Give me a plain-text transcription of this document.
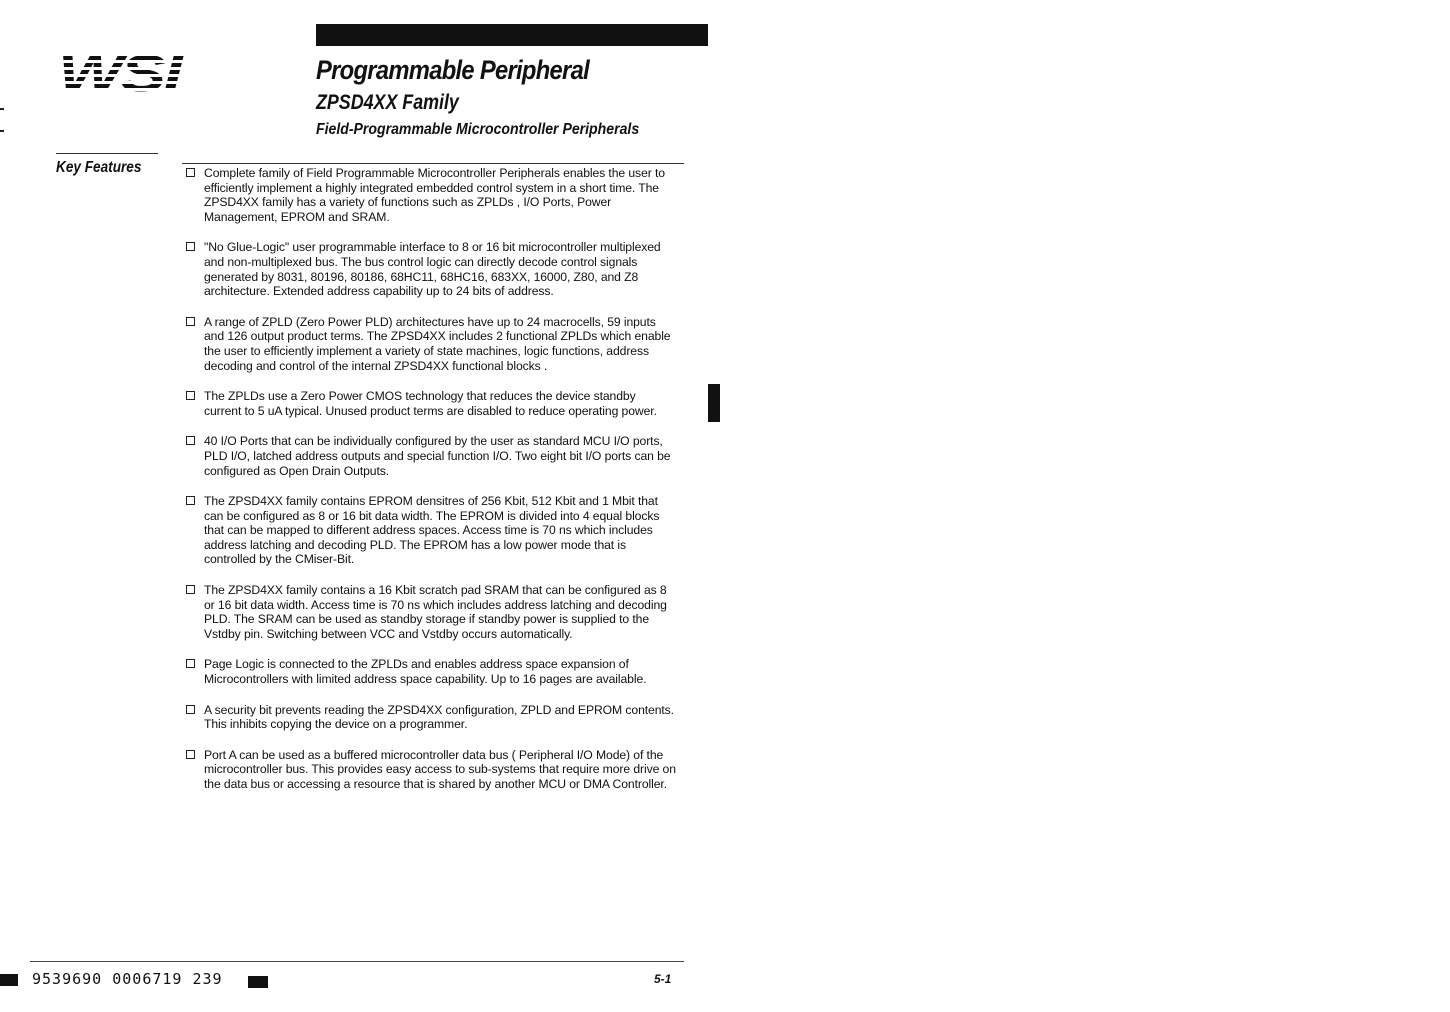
Programmable Peripheral
ZPSD4XX Family
Field-Programmable Microcontroller Peripherals
Key Features	Complete family of Field Programmable Microcontroller Peripherals enables the user to efficiently implement a highly integrated embedded control system in a short time. The ZPSD4XX family has a variety of functions such as ZPLDs , I/O Ports, Power Management, EPROM and SRAM.
"No Glue-Logic" user programmable interface to 8 or 16 bit microcontroller multiplexed and non-multiplexed bus. The bus control logic can directly decode control signals generated by 8031, 80196, 80186, 68HC11, 68HC16, 683XX, 16000, Z80, and Z8 architecture. Extended address capability up to 24 bits of address.
A range of ZPLD (Zero Power PLD) architectures have up to 24 macrocells, 59 inputs and 126 output product terms. The ZPSD4XX includes 2 functional ZPLDs which enable the user to efficiently implement a variety of state machines, logic functions, address decoding and control of the internal ZPSD4XX functional blocks .
The ZPLDs use a Zero Power CMOS technology that reduces the device standby current to 5 uA typical. Unused product terms are disabled to reduce operating power.
40 I/O Ports that can be individually configured by the user as standard MCU I/O ports, PLD I/O, latched address outputs and special function I/O. Two eight bit I/O ports can be configured as Open Drain Outputs.
The ZPSD4XX family contains EPROM densitres of 256 Kbit, 512 Kbit and 1 Mbit that can be configured as 8 or 16 bit data width. The EPROM is divided into 4 equal blocks that can be mapped to different address spaces. Access time is 70 ns which includes address latching and decoding PLD. The EPROM has a low power mode that is controlled by the CMiser-Bit.
The ZPSD4XX family contains a 16 Kbit scratch pad SRAM that can be configured as 8 or 16 bit data width. Access time is 70 ns which includes address latching and decoding PLD. The SRAM can be used as standby storage if standby power is supplied to the Vstdby pin. Switching between VCC and Vstdby occurs automatically.
Page Logic is connected to the ZPLDs and enables address space expansion of Microcontrollers with limited address space capability. Up to 16 pages are available.
A security bit prevents reading the ZPSD4XX configuration, ZPLD and EPROM contents. This inhibits copying the device on a programmer.
Port A can be used as a buffered microcontroller data bus ( Peripheral I/O Mode) of the microcontroller bus. This provides easy access to sub-systems that require more drive on the data bus or accessing a resource that is shared by another MCU or DMA Controller.	5
9539690 0006719 239	5-1
